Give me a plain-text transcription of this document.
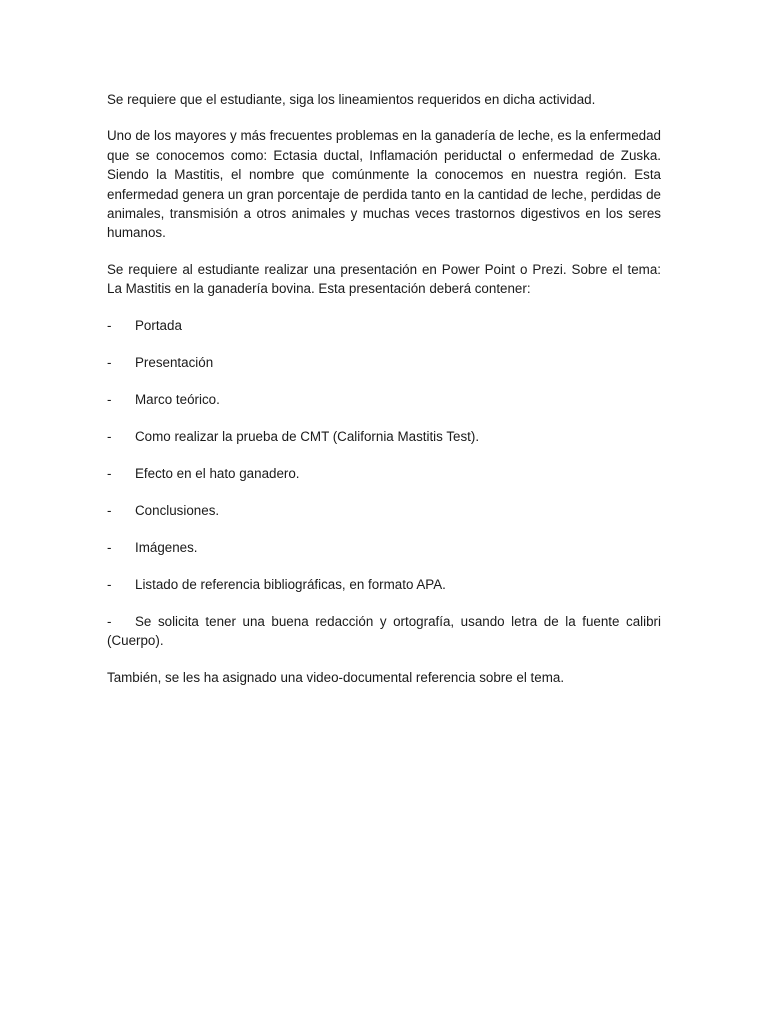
Se requiere que el estudiante, siga los lineamientos requeridos en dicha actividad.

Uno de los mayores y más frecuentes problemas en la ganadería de leche, es la enfermedad que se conocemos como: Ectasia ductal, Inflamación periductal o enfermedad de Zuska. Siendo la Mastitis, el nombre que comúnmente la conocemos en nuestra región. Esta enfermedad genera un gran porcentaje de perdida tanto en la cantidad de leche, perdidas de animales, transmisión a otros animales y muchas veces trastornos digestivos en los seres humanos.

Se requiere al estudiante realizar una presentación en Power Point o Prezi. Sobre el tema: La Mastitis en la ganadería bovina. Esta presentación deberá contener:

- Portada
- Presentación
- Marco teórico.
- Como realizar la prueba de CMT (California Mastitis Test).
- Efecto en el hato ganadero.
- Conclusiones.
- Imágenes.
- Listado de referencia bibliográficas, en formato APA.
- Se solicita tener una buena redacción y ortografía, usando letra de la fuente calibri (Cuerpo).

También, se les ha asignado una video-documental referencia sobre el tema.
